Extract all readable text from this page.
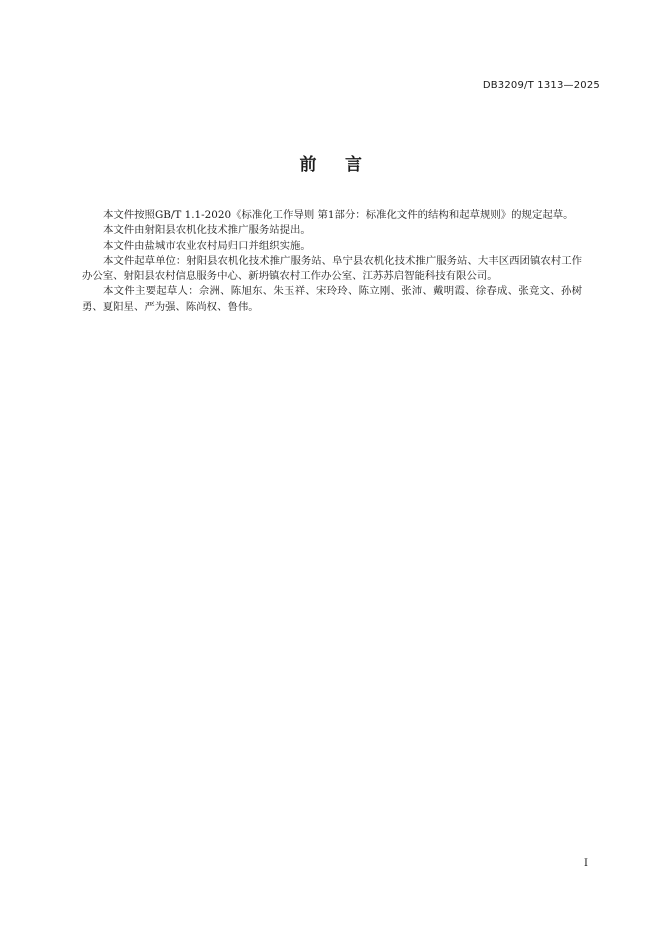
DB3209/T 1313—2025
前 言

本文件按照GB/T 1.1-2020《标准化工作导则 第1部分：标准化文件的结构和起草规则》的规定起草。

本文件由射阳县农机化技术推广服务站提出。

本文件由盐城市农业农村局归口并组织实施。

本文件起草单位：射阳县农机化技术推广服务站、阜宁县农机化技术推广服务站、大丰区西团镇农村工作办公室、射阳县农村信息服务中心、新坍镇农村工作办公室、江苏苏启智能科技有限公司。

本文件主要起草人：佘洲、陈旭东、朱玉祥、宋玲玲、陈立刚、张沛、戴明霞、徐春成、张竞文、孙树勇、夏阳星、严为强、陈尚权、鲁伟。

I
